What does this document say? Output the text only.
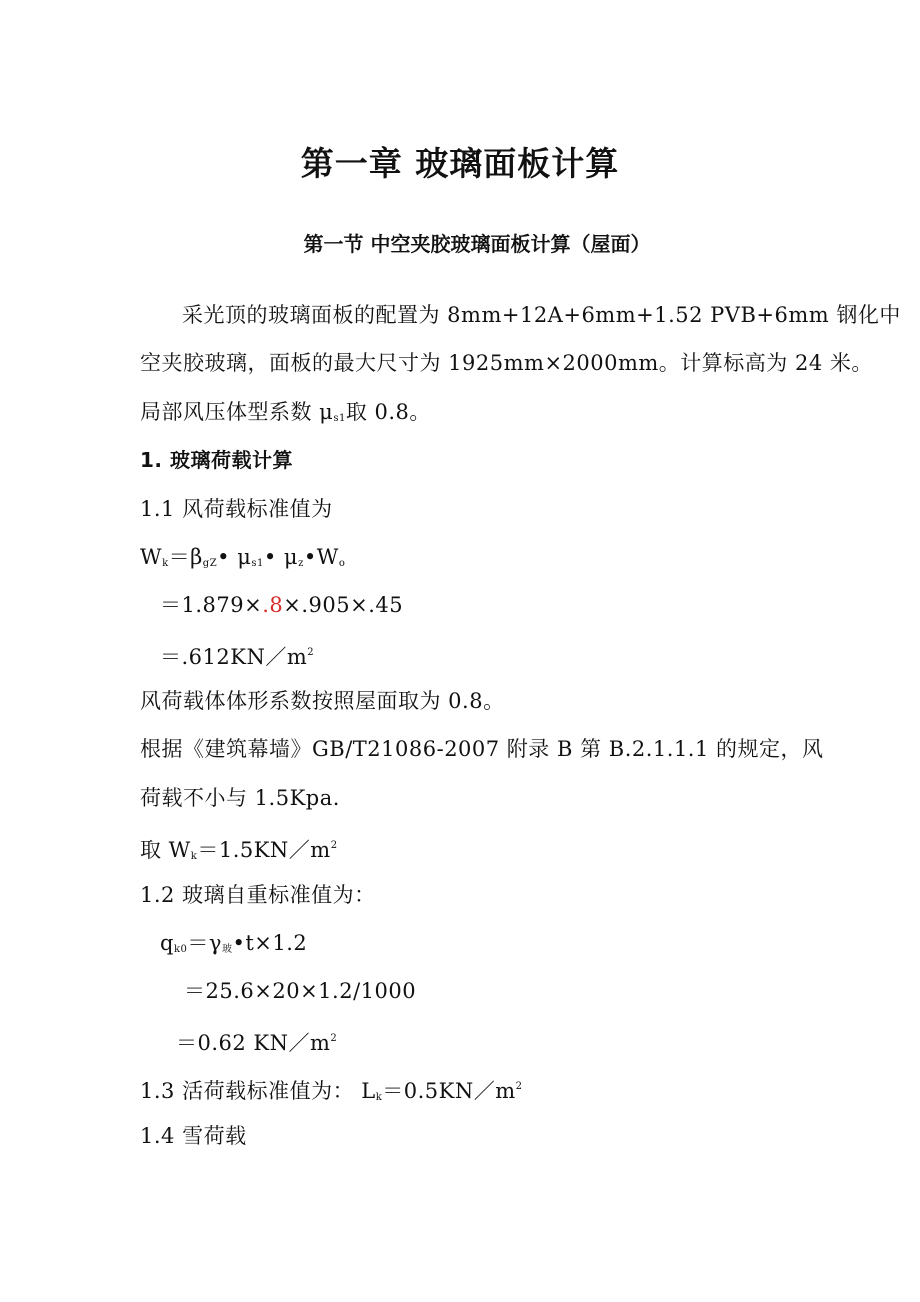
第一章 玻璃面板计算
第一节 中空夹胶玻璃面板计算（屋面）
采光顶的玻璃面板的配置为 8mm+12A+6mm+1.52 PVB+6mm 钢化中
空夹胶玻璃，面板的最大尺寸为 1925mm×2000mm。计算标高为 24 米。
局部风压体型系数 $\mu_{s1}$取 0.8。
1. 玻璃荷载计算
1.1 风荷载标准值为
$W_k=\beta_{gZ}•$ $\mu_{s1}•$ $\mu_z•W_o$
＝1.879×.8×.905×.45
$=.612KN/m^2$
风荷载体体形系数按照屋面取为 0.8。
根据《建筑幕墙》GB/T21086-2007 附录 B 第 B.2.1.1.1 的规定，风
荷载不小与 1.5Kpa.
取 $W_k=1.5KN/m^2$
1.2 玻璃自重标准值为：
$q_{k0}=\gamma_玻•t\times 1.2$
＝25.6×20×1.2/1000
＝0.62 $KN/m^2$
1.3 活荷载标准值为： $L_k=0.5KN/m^2$
1.4 雪荷载
